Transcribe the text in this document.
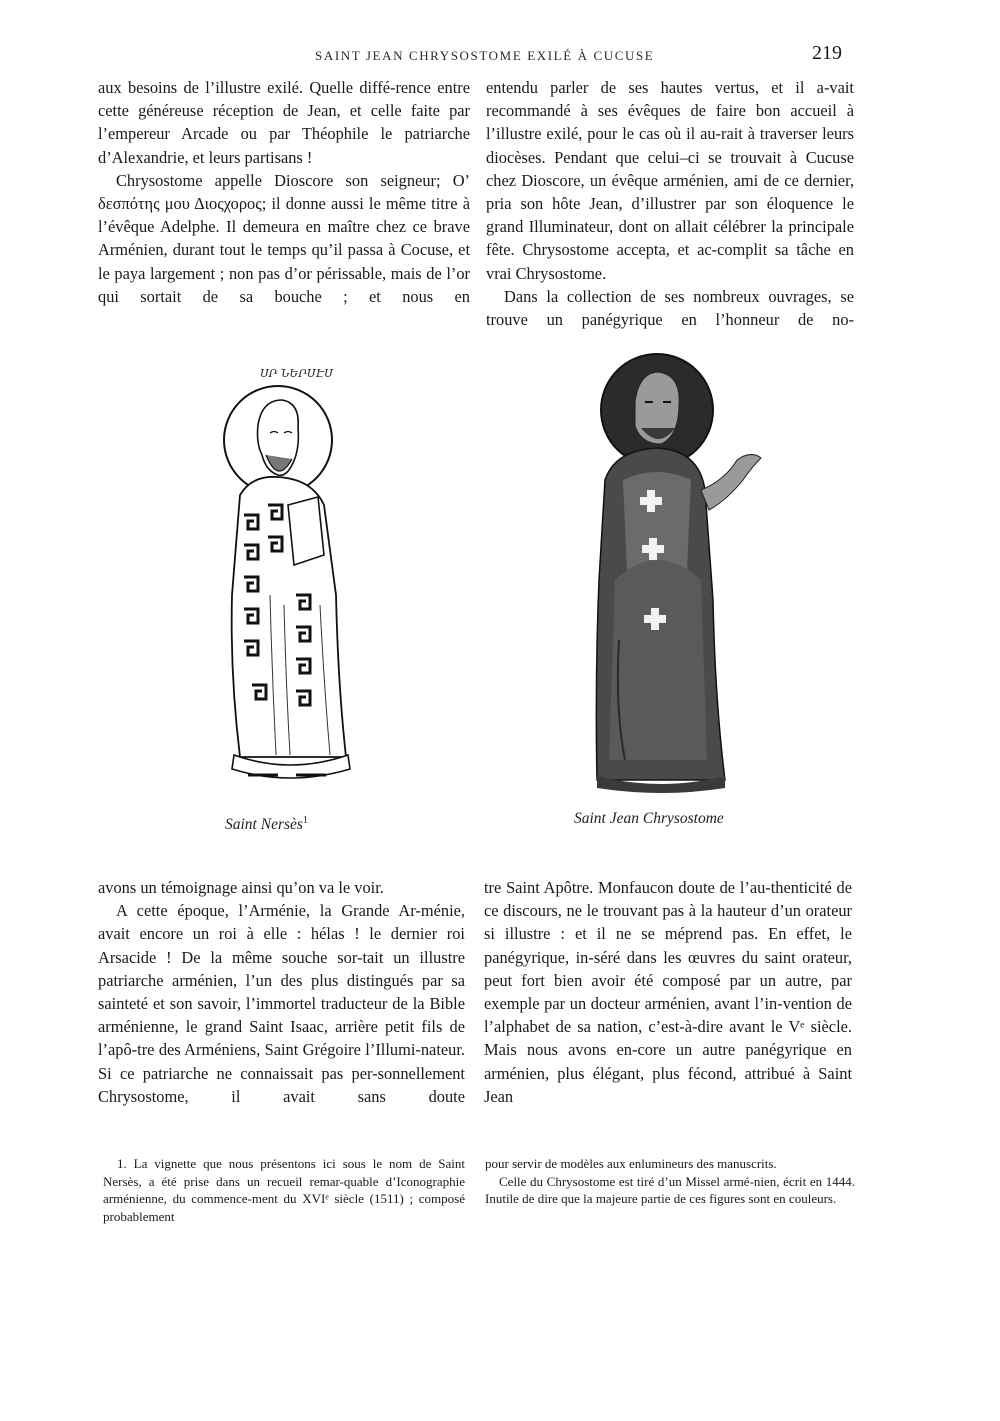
SAINT JEAN CHRYSOSTOME EXILÉ À CUCUSE	219

aux besoins de l’illustre exilé. Quelle diffé-rence entre cette généreuse réception de Jean, et celle faite par l’empereur Arcade ou par Théophile le patriarche d’Alexandrie, et leurs partisans !

Chrysostome appelle Dioscore son seigneur; Ο’ δεσπότης μου Διοςχορος; il donne aussi le même titre à l’évêque Adelphe. Il demeura en maître chez ce brave Arménien, durant tout le temps qu’il passa à Cocuse, et le paya largement ; non pas d’or périssable, mais de l’or qui sortait de sa bouche ; et nous en

entendu parler de ses hautes vertus, et il a-vait recommandé à ses évêques de faire bon accueil à l’illustre exilé, pour le cas où il au-rait à traverser leurs diocèses. Pendant que celui–ci se trouvait à Cucuse chez Dioscore, un évêque arménien, ami de ce dernier, pria son hôte Jean, d’illustrer par son éloquence le grand Illuminateur, dont on allait célébrer la principale fête. Chrysostome accepta, et ac-complit sa tâche en vrai Chrysostome.

Dans la collection de ses nombreux ouvrages, se trouve un panégyrique en l’honneur de no-

ՍՐ ՆԵՐՍԷՍ
Saint Nersès$^1$	Saint Jean Chrysostome

avons un témoignage ainsi qu’on va le voir.

A cette époque, l’Arménie, la Grande Ar-ménie, avait encore un roi à elle : hélas ! le dernier roi Arsacide ! De la même souche sor-tait un illustre patriarche arménien, l’un des plus distingués par sa sainteté et son savoir, l’immortel traducteur de la Bible arménienne, le grand Saint Isaac, arrière petit fils de l’apô-tre des Arméniens, Saint Grégoire l’Illumi-nateur. Si ce patriarche ne connaissait pas per-sonnellement Chrysostome, il avait sans doute

tre Saint Apôtre. Monfaucon doute de l’au-thenticité de ce discours, ne le trouvant pas à la hauteur d’un orateur si illustre : et il ne se méprend pas. En effet, le panégyrique, in-séré dans les œuvres du saint orateur, peut fort bien avoir été composé par un autre, par exemple par un docteur arménien, avant l’in-vention de l’alphabet de sa nation, c’est-à-dire avant le Vᵉ siècle. Mais nous avons en-core un autre panégyrique en arménien, plus élégant, plus fécond, attribué à Saint Jean

1. La vignette que nous présentons ici sous le nom de Saint Nersès, a été prise dans un recueil remar-quable d’Iconographie arménienne, du commence-ment du XVIᵉ siècle (1511) ; composé probablement

pour servir de modèles aux enlumineurs des manuscrits.

Celle du Chrysostome est tiré d’un Missel armé-nien, écrit en 1444. Inutile de dire que la majeure partie de ces figures sont en couleurs.
